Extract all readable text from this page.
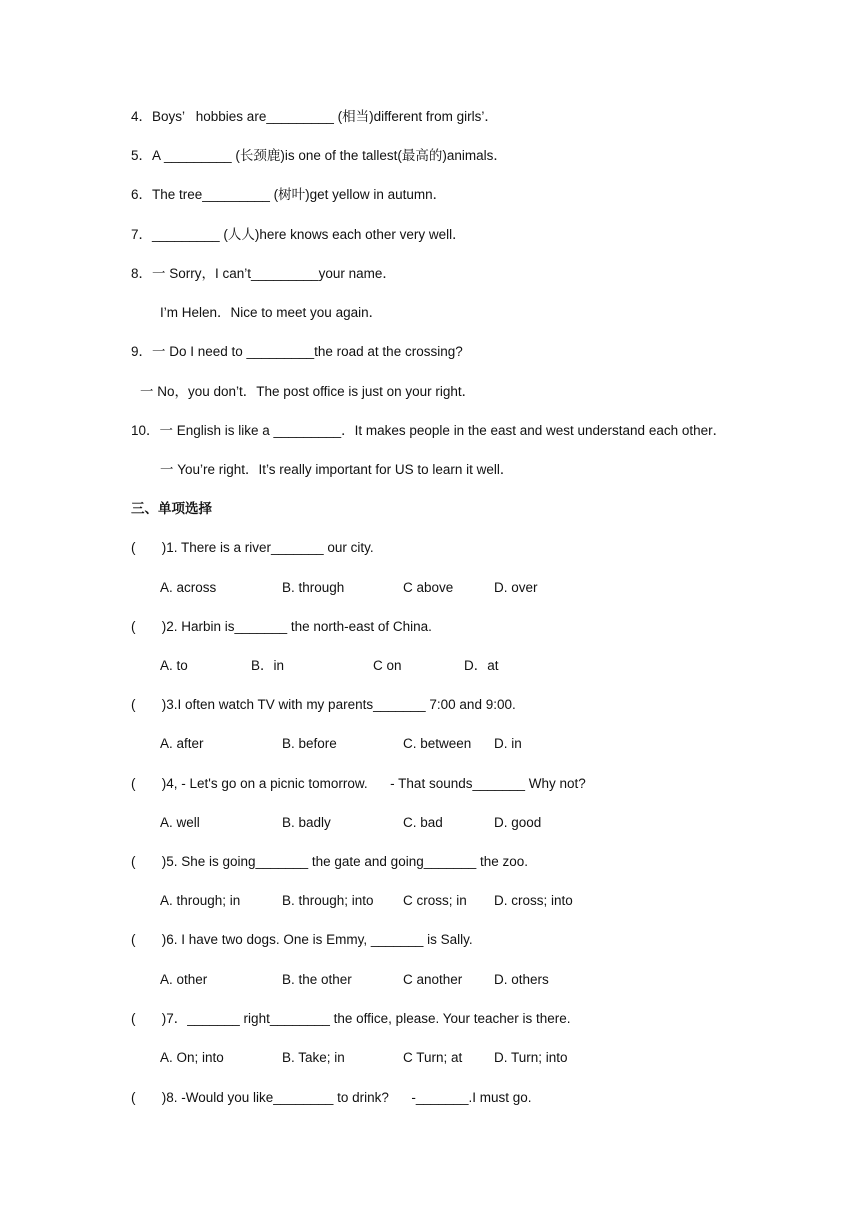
4．Boys’   hobbies are_________ (相当)different from girls’．
5．A _________ (长颈鹿)is one of the tallest(最高的)animals．
6．The tree_________ (树叶)get yellow in autumn．
7．_________ (人人)here knows each other very well．
8．一 Sorry，I can’t_________your name．
I’m Helen．Nice to meet you again．
9．一 Do I need to _________the road at the crossing?
一 No，you don’t．The post office is just on your right．
10．一 English is like a _________．It makes people in the east and west understand each other．
一 You’re right．It’s really important for US to learn it well．
三、单项选择
(       )1. There is a river_______ our city.
A. across	B. through	C above	D. over
(       )2. Harbin is_______ the north-east of China.
A. to	B．in	C on	D．at
(       )3.I often watch TV with my parents_______ 7:00 and 9:00.
A. after	B. before	C. between D. in
(       )4, - Let's go on a picnic tomorrow.      - That sounds_______ Why not?
A. well	B. badly	C. bad	D. good
(       )5. She is going_______ the gate and going_______ the zoo.
A. through; in	B. through; into C cross; in D. cross; into
(       )6. I have two dogs. One is Emmy, _______ is Sally.
A. other	B. the other	C another D. others
(       )7．_______ right________ the office, please. Your teacher is there.
A. On; into	B. Take; in	C Turn; at D. Turn; into
(       )8. -Would you like________ to drink?      -_______.I must go.
